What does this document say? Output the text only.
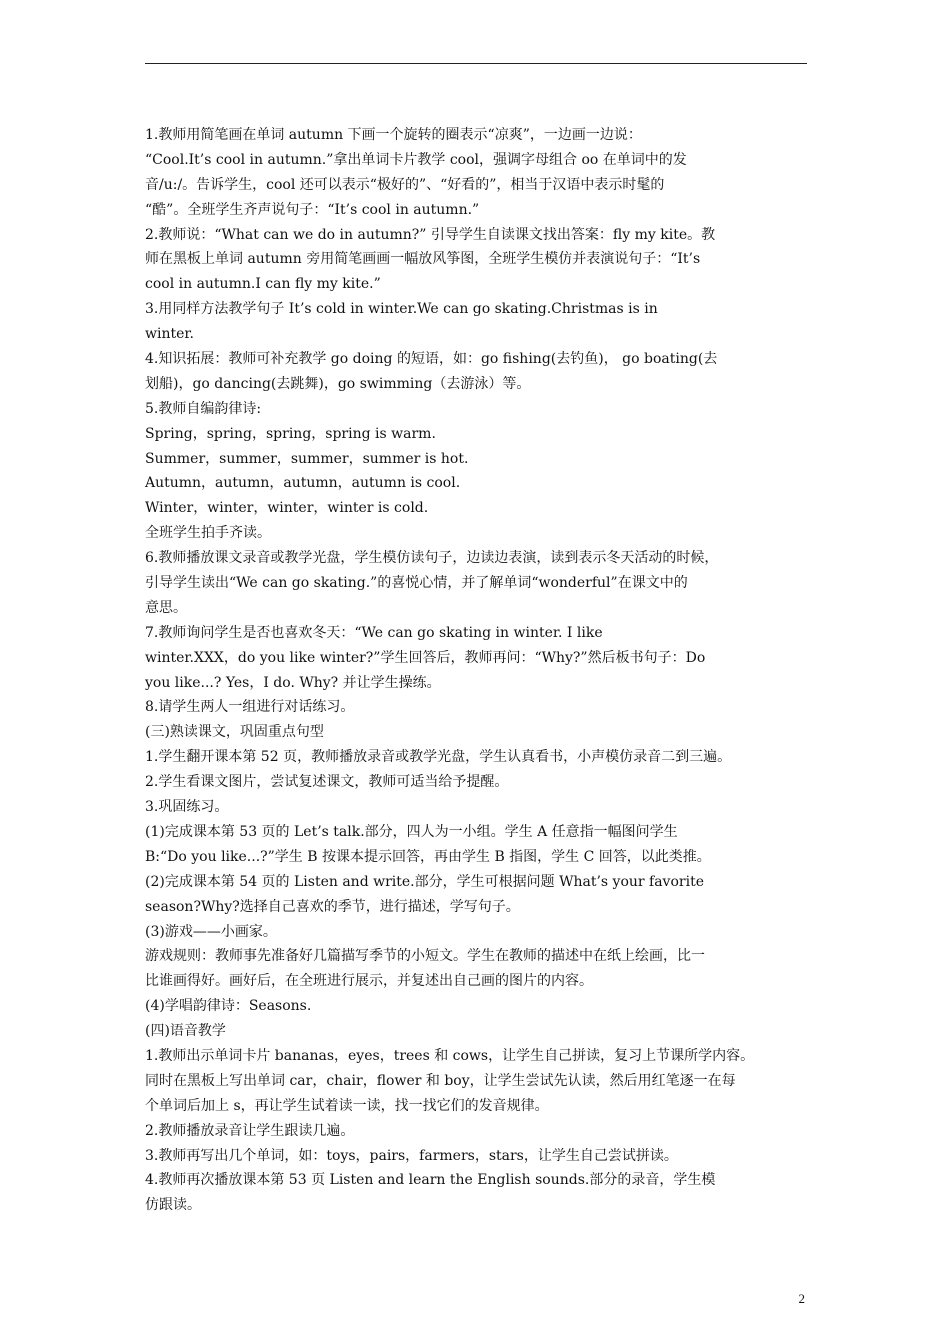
1.教师用简笔画在单词 autumn 下画一个旋转的圈表示“凉爽”，一边画一边说：
“Cool.It’s cool in autumn.”拿出单词卡片教学 cool，强调字母组合 oo 在单词中的发
音/u:/。告诉学生，cool 还可以表示“极好的”、“好看的”，相当于汉语中表示时髦的
“酷”。全班学生齐声说句子：“It’s cool in autumn.”
2.教师说：“What can we do in autumn?” 引导学生自读课文找出答案：fly my kite。教
师在黑板上单词 autumn 旁用简笔画画一幅放风筝图，全班学生模仿并表演说句子：“It’s
cool in autumn.I can fly my kite.”
3.用同样方法教学句子 It’s cold in winter.We can go skating.Christmas is in
winter.
4.知识拓展：教师可补充教学 go doing 的短语，如：go fishing(去钓鱼)， go boating(去
划船)，go dancing(去跳舞)，go swimming（去游泳）等。
5.教师自编韵律诗:
Spring，spring，spring，spring is warm.
Summer，summer，summer，summer is hot.
Autumn，autumn，autumn，autumn is cool.
Winter，winter，winter，winter is cold.
全班学生拍手齐读。
6.教师播放课文录音或教学光盘，学生模仿读句子，边读边表演，读到表示冬天活动的时候，
引导学生读出“We can go skating.”的喜悦心情，并了解单词“wonderful”在课文中的
意思。
7.教师询问学生是否也喜欢冬天：“We can go skating in winter. I like
winter.XXX，do you like winter?”学生回答后，教师再问：“Why?”然后板书句子：Do
you like...? Yes，I do. Why? 并让学生操练。
8.请学生两人一组进行对话练习。
(三)熟读课文，巩固重点句型
1.学生翻开课本第 52 页，教师播放录音或教学光盘，学生认真看书，小声模仿录音二到三遍。
2.学生看课文图片，尝试复述课文，教师可适当给予提醒。
3.巩固练习。
(1)完成课本第 53 页的 Let’s talk.部分，四人为一小组。学生 A 任意指一幅图问学生
B:“Do you like...?”学生 B 按课本提示回答，再由学生 B 指图，学生 C 回答，以此类推。
(2)完成课本第 54 页的 Listen and write.部分，学生可根据问题 What’s your favorite
season?Why?选择自己喜欢的季节，进行描述，学写句子。
(3)游戏——小画家。
游戏规则：教师事先准备好几篇描写季节的小短文。学生在教师的描述中在纸上绘画，比一
比谁画得好。画好后，在全班进行展示，并复述出自己画的图片的内容。
(4)学唱韵律诗：Seasons.
(四)语音教学
1.教师出示单词卡片 bananas，eyes，trees 和 cows，让学生自己拼读，复习上节课所学内容。
同时在黑板上写出单词 car，chair，flower 和 boy，让学生尝试先认读，然后用红笔逐一在每
个单词后加上 s，再让学生试着读一读，找一找它们的发音规律。
2.教师播放录音让学生跟读几遍。
3.教师再写出几个单词，如：toys，pairs，farmers，stars，让学生自己尝试拼读。
4.教师再次播放课本第 53 页 Listen and learn the English sounds.部分的录音，学生模
仿跟读。
2
